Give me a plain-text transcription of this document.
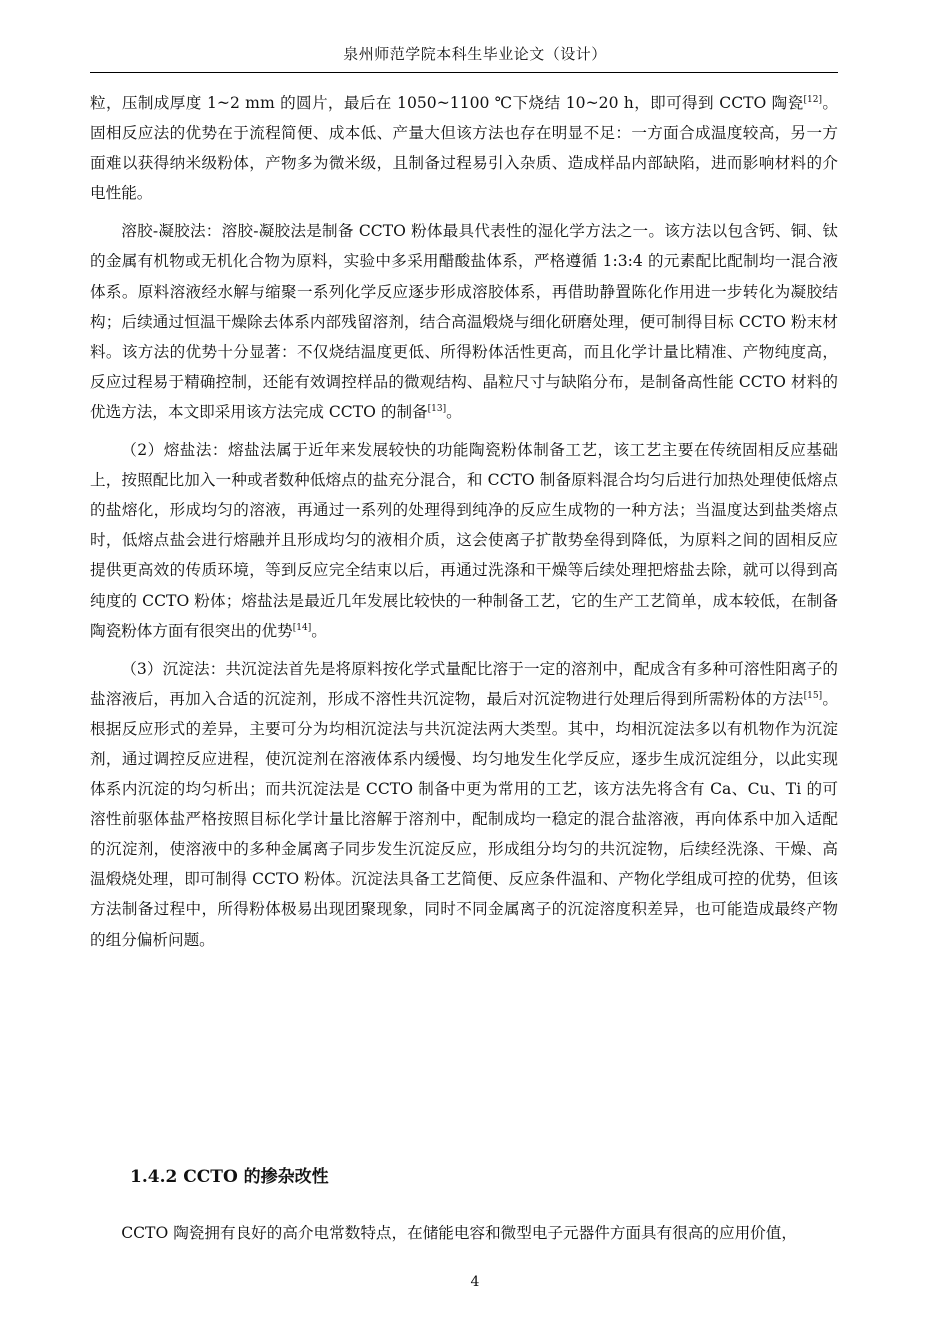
泉州师范学院本科生毕业论文（设计）

粒，压制成厚度 1~2 mm 的圆片，最后在 1050~1100 ℃下烧结 10~20 h，即可得到 CCTO 陶瓷[12]。固相反应法的优势在于流程简便、成本低、产量大但该方法也存在明显不足：一方面合成温度较高，另一方面难以获得纳米级粉体，产物多为微米级，且制备过程易引入杂质、造成样品内部缺陷，进而影响材料的介电性能。

溶胶-凝胶法：溶胶-凝胶法是制备 CCTO 粉体最具代表性的湿化学方法之一。该方法以包含钙、铜、钛的金属有机物或无机化合物为原料，实验中多采用醋酸盐体系，严格遵循 1:3:4 的元素配比配制均一混合液体系。原料溶液经水解与缩聚一系列化学反应逐步形成溶胶体系，再借助静置陈化作用进一步转化为凝胶结构；后续通过恒温干燥除去体系内部残留溶剂，结合高温煅烧与细化研磨处理，便可制得目标 CCTO 粉末材料。该方法的优势十分显著：不仅烧结温度更低、所得粉体活性更高，而且化学计量比精准、产物纯度高，反应过程易于精确控制，还能有效调控样品的微观结构、晶粒尺寸与缺陷分布，是制备高性能 CCTO 材料的优选方法，本文即采用该方法完成 CCTO 的制备[13]。

（2）熔盐法：熔盐法属于近年来发展较快的功能陶瓷粉体制备工艺，该工艺主要在传统固相反应基础上，按照配比加入一种或者数种低熔点的盐充分混合，和 CCTO 制备原料混合均匀后进行加热处理使低熔点的盐熔化，形成均匀的溶液，再通过一系列的处理得到纯净的反应生成物的一种方法；当温度达到盐类熔点时，低熔点盐会进行熔融并且形成均匀的液相介质，这会使离子扩散势垒得到降低，为原料之间的固相反应提供更高效的传质环境，等到反应完全结束以后，再通过洗涤和干燥等后续处理把熔盐去除，就可以得到高纯度的 CCTO 粉体；熔盐法是最近几年发展比较快的一种制备工艺，它的生产工艺简单，成本较低，在制备陶瓷粉体方面有很突出的优势[14]。

（3）沉淀法：共沉淀法首先是将原料按化学式量配比溶于一定的溶剂中，配成含有多种可溶性阳离子的盐溶液后，再加入合适的沉淀剂，形成不溶性共沉淀物，最后对沉淀物进行处理后得到所需粉体的方法[15]。根据反应形式的差异，主要可分为均相沉淀法与共沉淀法两大类型。其中，均相沉淀法多以有机物作为沉淀剂，通过调控反应进程，使沉淀剂在溶液体系内缓慢、均匀地发生化学反应，逐步生成沉淀组分，以此实现体系内沉淀的均匀析出；而共沉淀法是 CCTO 制备中更为常用的工艺，该方法先将含有 Ca、Cu、Ti 的可溶性前驱体盐严格按照目标化学计量比溶解于溶剂中，配制成均一稳定的混合盐溶液，再向体系中加入适配的沉淀剂，使溶液中的多种金属离子同步发生沉淀反应，形成组分均匀的共沉淀物，后续经洗涤、干燥、高温煅烧处理，即可制得 CCTO 粉体。沉淀法具备工艺简便、反应条件温和、产物化学组成可控的优势，但该方法制备过程中，所得粉体极易出现团聚现象，同时不同金属离子的沉淀溶度积差异，也可能造成最终产物的组分偏析问题。

1.4.2 CCTO 的掺杂改性
CCTO 陶瓷拥有良好的高介电常数特点，在储能电容和微型电子元器件方面具有很高的应用价值，
4
